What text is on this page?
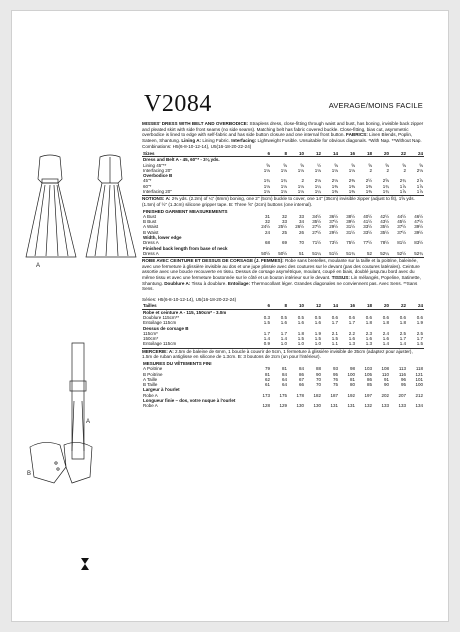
A
A
B
V2084	AVERAGE/MOINS FACILE
MISSES' DRESS WITH BELT AND OVERBODICE: Strapless dress, close-fitting through waist and bust, has boning, invisible back zipper and pleated skirt with side front seams (no side seams). Matching belt has fabric covered buckle. Close-fitting, bias cut, asymmetric overbodice is lined to edge with self-fabric and has side button closure and one internal front button. FABRICS: Linen Blends, Poplin, Sateen, Shantung. Lining A: Lining Fabric. Interfacing: Lightweight Fusible. Unsuitable for obvious diagonals. *With Nap. **Without Nap.
Combinations: H5(6-8-10-12-14), U5(16-18-20-22-24)
Sizes	6	8	10	12	14	16	18	20	22	24
Dress and Belt A - 45, 60"* - 3⅛ yds.										
Lining 45"**	⅝	⅝	⅝	½	⅝	⅝	⅝	⅝	⅝	⅝
Interfacing 20"	1⅛	1⅛	1⅛	1⅛	1⅛	1⅛	2	2	2	2⅛
Overbodice B										
45"*	1¾	1¾	2	2⅛	2⅛	2⅜	2½	2⅝	2¾	2⅞
60"*	1⅛	1⅛	1⅛	1¼	1⅜	1⅜	1⅜	1¾	1⅞	1⅞
Interfacing 20"	1⅛	1⅛	1⅛	1¼	1⅜	1⅜	1⅜	1¾	1⅞	1⅞
NOTIONS: A: 2⅜ yds. (2.2m) of ¼" (6mm) boning, one 2" (5cm) buckle to cover, one 14" (35cm) invisible zipper (adjust to fit), 1⅝ yds. (1.5m) of ½" (1.3cm) silicone gripper tape. B: Three ⅝" (2cm) buttons (one internal).
FINISHED GARMENT MEASUREMENTS										
A Bust	31	32	33	34½	36½	38½	40½	42½	44½	46½
B Bust	32	33	34	35½	37½	39½	41½	43½	45½	47½
A Waist	24½	25½	26½	27½	29½	31½	33½	35½	37½	39½
B Waist	24	25	26	27½	29½	31½	33½	35½	37½	39½
Width, lower edge										
Dress A	68	69	70	71½	73½	75½	77½	78½	81½	83½
Finished back length from base of neck										
Dress A	50½	50½	51	51¼	51½	51¾	52	52¼	52½	52¾
ROBE AVEC CEINTURE ET DESSUS DE CORSAGE (J. FEMMES): Robe sans bretelles, moulante sur la taille et la poitrine, baleinée, avec une fermeture à glissière invisible au dos et une jupe plissée avec des coutures sur le devant (pas des coutures latérales). Ceinture assortie avec une boucle recouverte en tissu. Dessus de corsage asymétrique, moulant, coupé en biais, doublé jusqu'au bord avec du même tissu et avec une fermeture boutonnée sur le côté et un bouton intérieur sur le devant. TISSUS: Lin mélangés, Popeline, Satinette, Shantung. Doublure A: Tissu à doublure. Entoilage: Thermocollant léger. Grandes diagonales ne conviennent pas. Avec Sens. **Sans Sens.
Séries: H5(6-8-10-12-14), U5(16-18-20-22-24)
Tailles	6	8	10	12	14	16	18	20	22	24
Robe et ceinture A - 115, 150cm* - 3.0m										
Doublure 115cm**	0.3	0.5	0.5	0.5	0.6	0.6	0.6	0.6	0.6	0.6
Entoilage 115cm	1.5	1.6	1.6	1.6	1.7	1.7	1.8	1.8	1.8	1.9
Dessus de corsage B										
115cm*	1.7	1.7	1.8	1.9	2.1	2.2	2.3	2.4	2.5	2.5
150cm*	1.4	1.4	1.5	1.5	1.5	1.6	1.6	1.6	1.7	1.7
Entoilage 115cm	0.9	1.0	1.0	1.0	1.1	1.3	1.3	1.4	1.4	1.5
MERCERIE: A: 2.5m de baleine de 6mm, 1 boucle à couvrir de 5cm, 1 fermeture à glissière invisible de 35cm (adaptez pour ajuster), 1.5m de ruban antiglisse en silicone de 1.3cm. B: 3 boutons de 2cm (un pour l'intérieur).
MESURES DU VÊTEMENTS FINI										
A Poitrine	79	81	84	88	93	98	103	108	113	118
B Poitrine	81	84	86	90	95	100	105	110	116	121
A Taille	62	64	67	70	76	81	86	91	96	101
B Taille	61	64	66	70	75	80	85	90	95	100
Largeur à l'ourlet										
Robe A	173	175	178	182	187	192	197	202	207	212
Longueur finie – dos, votre nuque à l'ourlet										
Robe A	128	129	130	130	131	131	132	133	133	134
